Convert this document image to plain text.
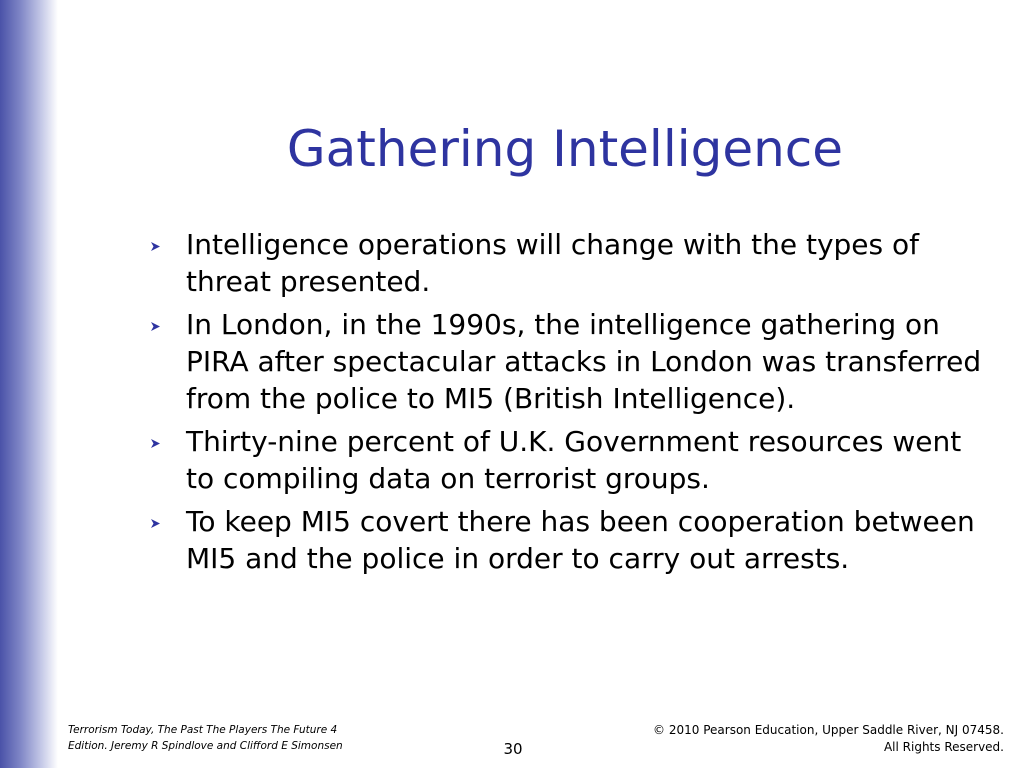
Gathering Intelligence
Intelligence operations will change with the types of threat presented.
In London, in the 1990s, the intelligence gathering on PIRA after spectacular attacks in London was transferred from the police to MI5 (British Intelligence).
Thirty-nine percent of U.K. Government resources went to compiling data on terrorist groups.
To keep MI5 covert there has been cooperation between MI5 and the police in order to carry out arrests.
Terrorism Today, The Past The Players The Future 4
Edition. Jeremy R Spindlove and Clifford E Simonsen	30
© 2010 Pearson Education, Upper Saddle River, NJ 07458.
All Rights Reserved.
